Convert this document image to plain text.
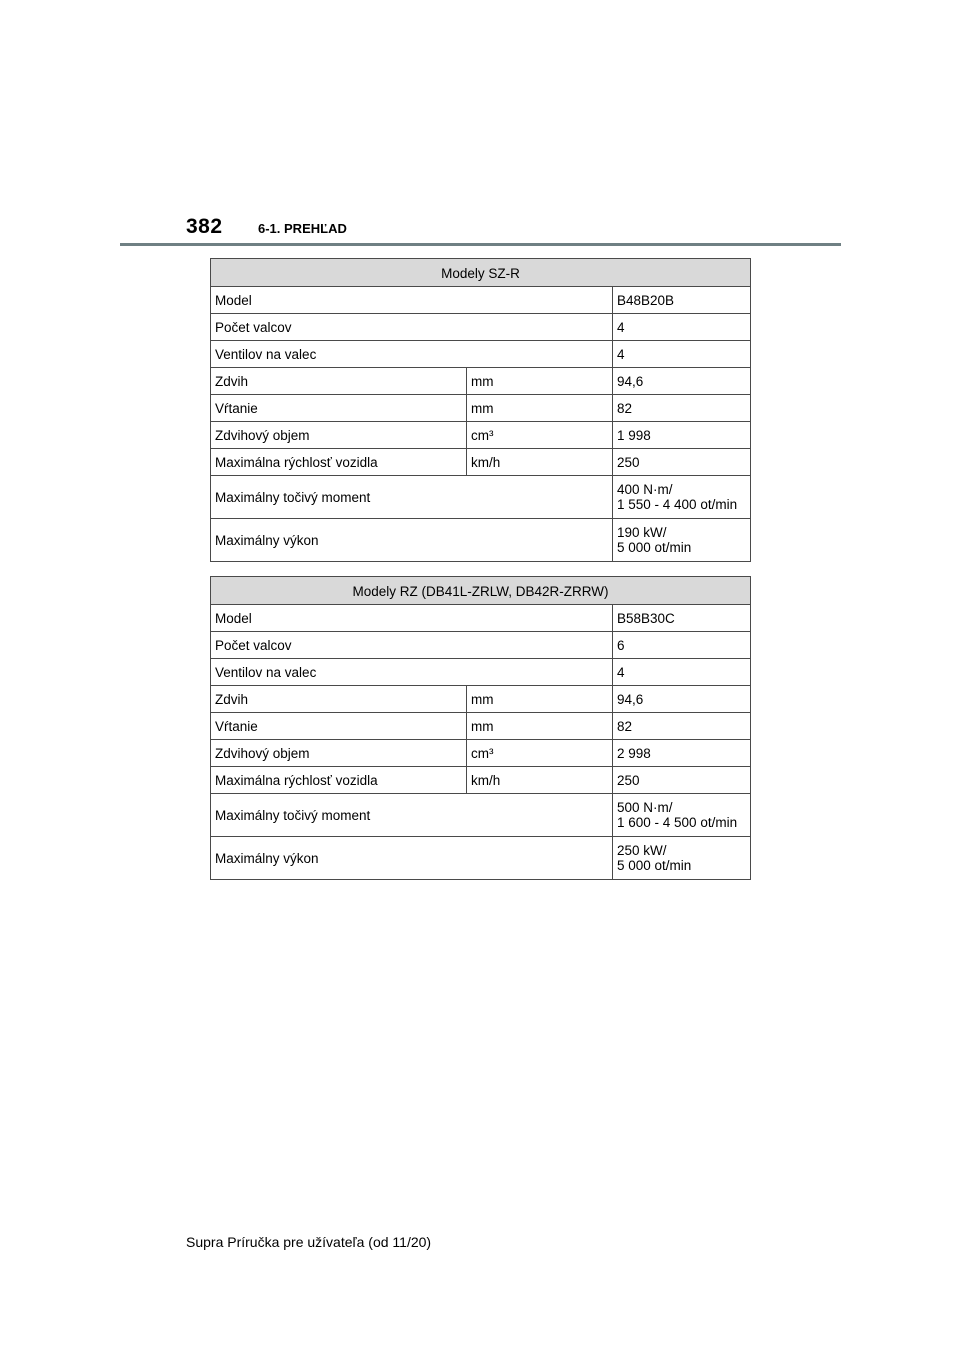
382	6-1. PREHĽAD
Modely SZ-R		
Model		B48B20B
Počet valcov		4
Ventilov na valec		4
Zdvih	mm	94,6
Vŕtanie	mm	82
Zdvihový objem	cm³	1 998
Maximálna rýchlosť vozidla	km/h	250
Maximálny točivý moment		400 N·m/
1 550 - 4 400 ot/min
Maximálny výkon		190 kW/
5 000 ot/min
Modely RZ (DB41L-ZRLW, DB42R-ZRRW)		
Model		B58B30C
Počet valcov		6
Ventilov na valec		4
Zdvih	mm	94,6
Vŕtanie	mm	82
Zdvihový objem	cm³	2 998
Maximálna rýchlosť vozidla	km/h	250
Maximálny točivý moment		500 N·m/
1 600 - 4 500 ot/min
Maximálny výkon		250 kW/
5 000 ot/min
Supra Príručka pre užívateľa (od 11/20)
